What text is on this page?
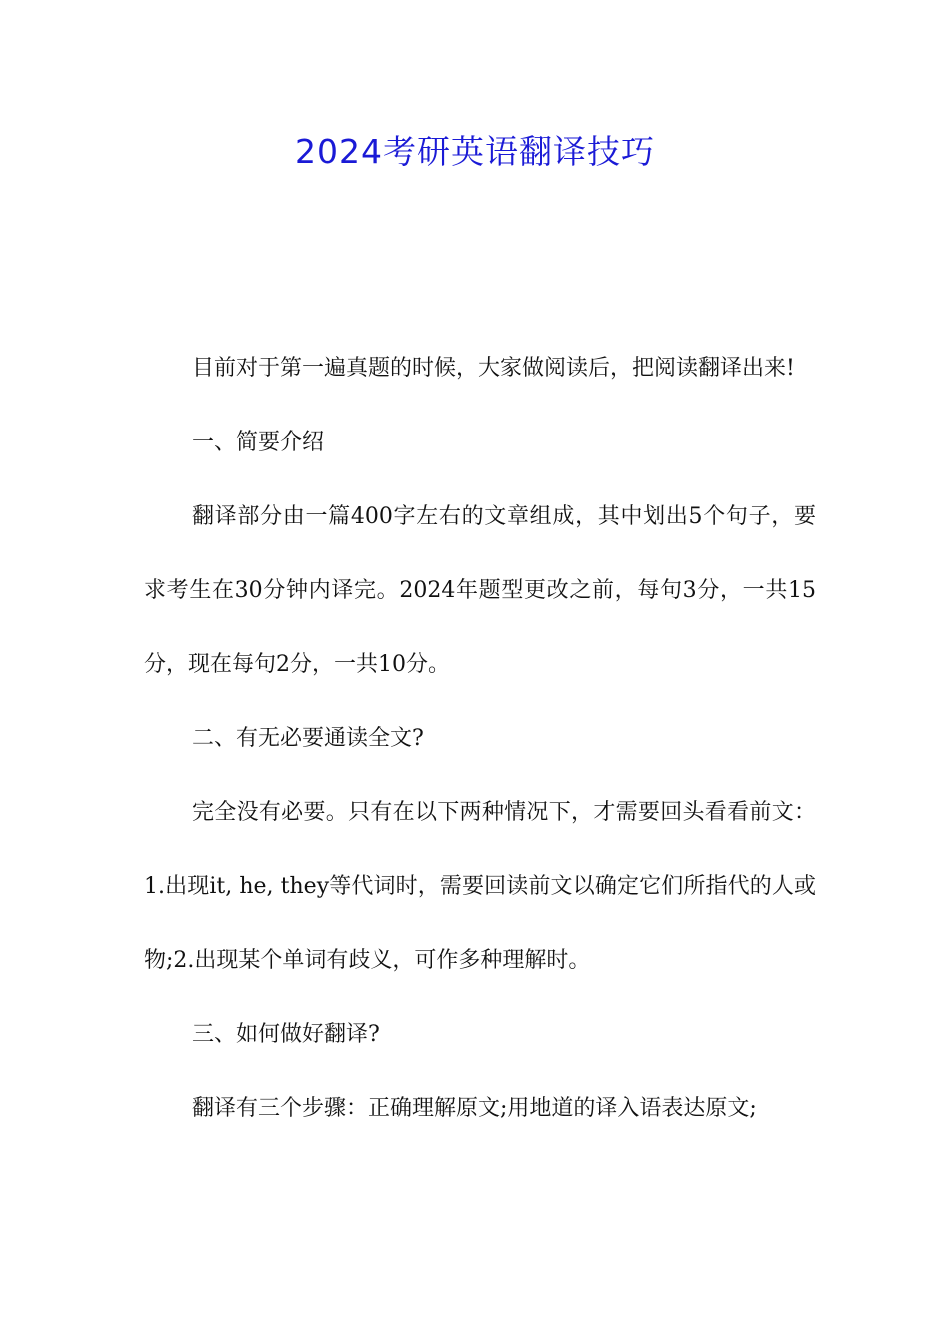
2024考研英语翻译技巧

目前对于第一遍真题的时候，大家做阅读后，把阅读翻译出来!

一、简要介绍

翻译部分由一篇400字左右的文章组成，其中划出5个句子，要求考生在30分钟内译完。2024年题型更改之前，每句3分，一共15分，现在每句2分，一共10分。

二、有无必要通读全文?

完全没有必要。只有在以下两种情况下，才需要回头看看前文：1.出现it, he, they等代词时，需要回读前文以确定它们所指代的人或物;2.出现某个单词有歧义，可作多种理解时。

三、如何做好翻译?

翻译有三个步骤：正确理解原文;用地道的译入语表达原文;
